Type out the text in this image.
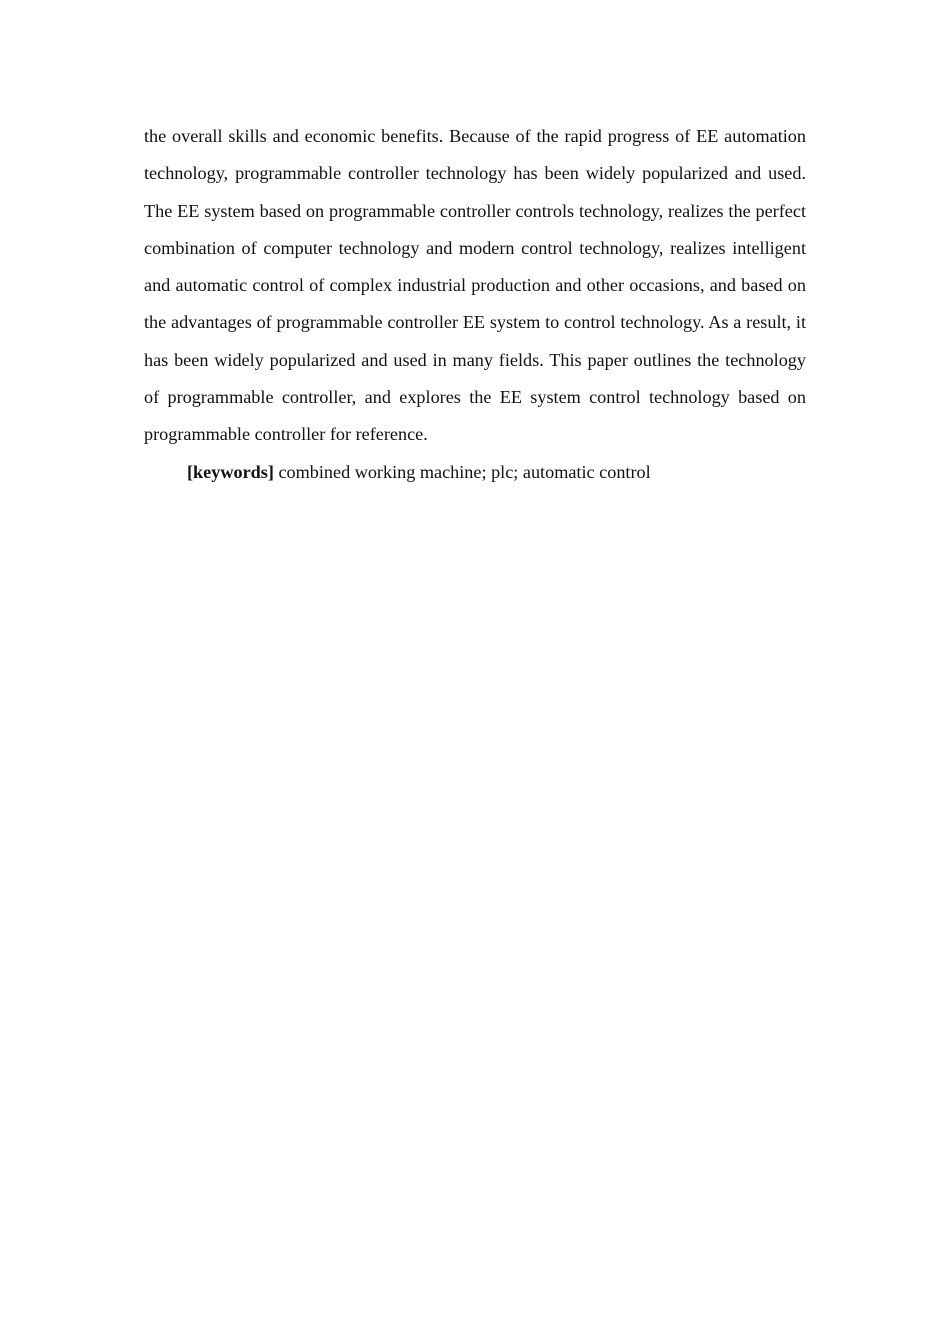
the overall skills and economic benefits. Because of the rapid progress of EE automation technology, programmable controller technology has been widely popularized and used. The EE system based on programmable controller controls technology, realizes the perfect combination of computer technology and modern control technology, realizes intelligent and automatic control of complex industrial production and other occasions, and based on the advantages of programmable controller EE system to control technology. As a result, it has been widely popularized and used in many fields. This paper outlines the technology of programmable controller, and explores the EE system control technology based on programmable controller for reference.

[keywords] combined working machine; plc; automatic control
